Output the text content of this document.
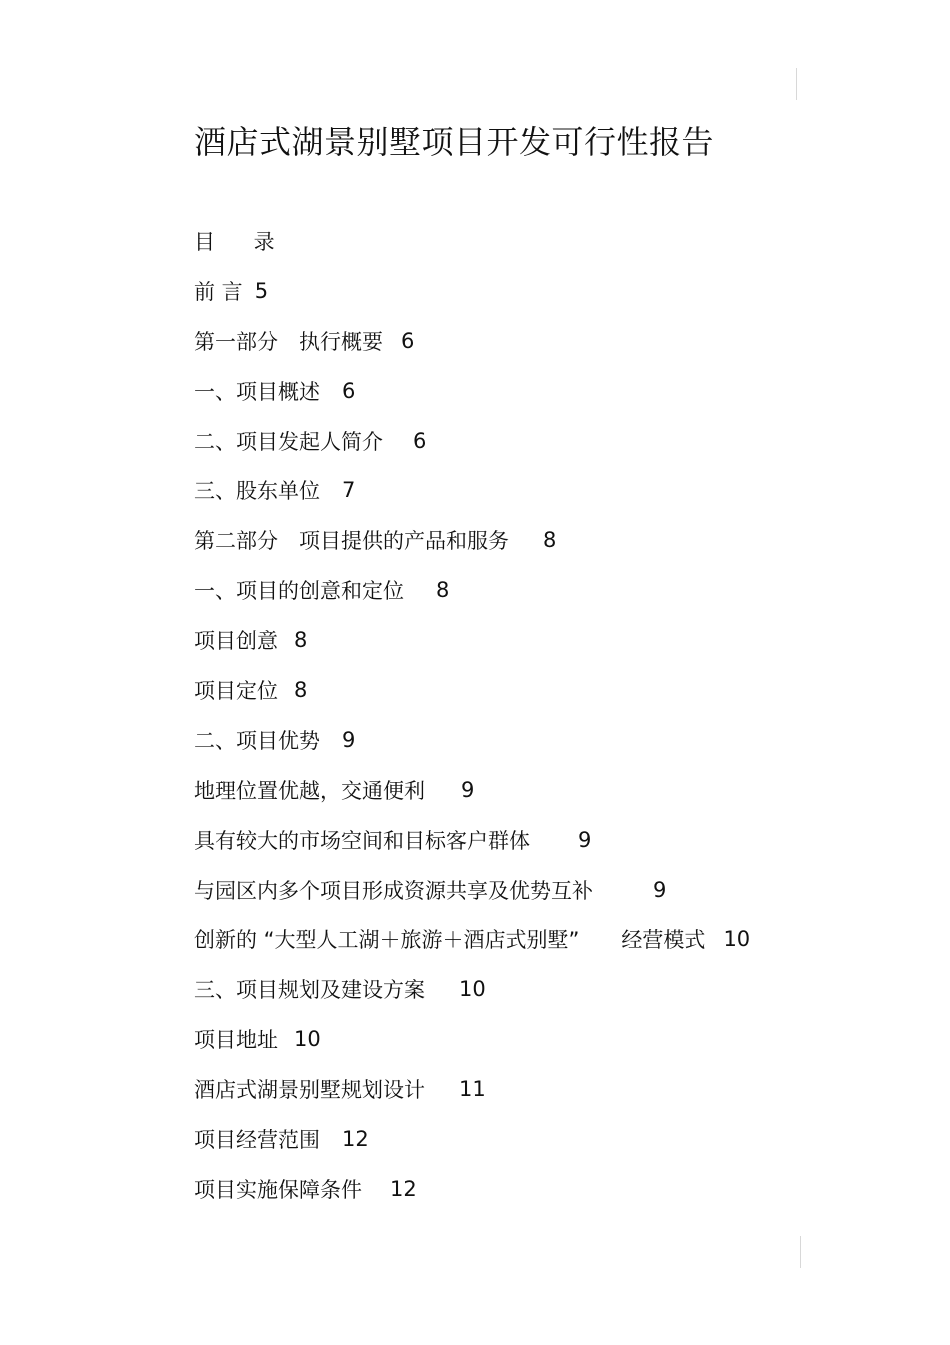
酒店式湖景别墅项目开发可行性报告
目 录
前 言 5
第一部分　执行概要 6
一、项目概述 6
二、项目发起人简介 6
三、股东单位 7
第二部分　项目提供的产品和服务 8
一、项目的创意和定位 8
项目创意 8
项目定位 8
二、项目优势 9
地理位置优越，交通便利 9
具有较大的市场空间和目标客户群体 9
与园区内多个项目形成资源共享及优势互补	9
创新的 “大型人工湖＋旅游＋酒店式别墅”　　经营模式 10
三、项目规划及建设方案 10
项目地址 10
酒店式湖景别墅规划设计 11
项目经营范围 12
项目实施保障条件 12
